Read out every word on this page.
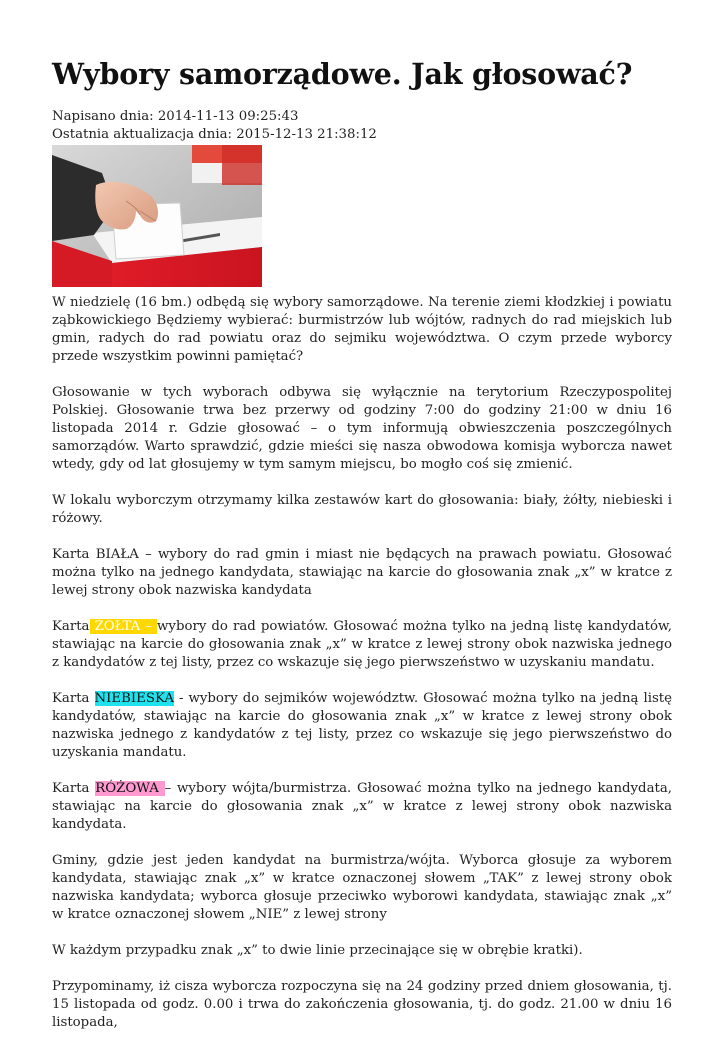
Wybory samorządowe. Jak głosować?
Napisano dnia: 2014-11-13 09:25:43
Ostatnia aktualizacja dnia: 2015-12-13 21:38:12

W niedzielę (16 bm.) odbędą się wybory samorządowe. Na terenie ziemi kłodzkiej i powiatu ząbkowickiego Będziemy wybierać: burmistrzów lub wójtów, radnych do rad miejskich lub gmin, radych do rad powiatu oraz do sejmiku województwa. O czym przede wyborcy przede wszystkim powinni pamiętać?

Głosowanie w tych wyborach odbywa się wyłącznie na terytorium Rzeczypospolitej Polskiej. Głosowanie trwa bez przerwy od godziny 7:00 do godziny 21:00 w dniu 16 listopada 2014 r. Gdzie głosować – o tym informują obwieszczenia poszczególnych samorządów. Warto sprawdzić, gdzie mieści się nasza obwodowa komisja wyborcza nawet wtedy, gdy od lat głosujemy w tym samym miejscu, bo mogło coś się zmienić.

W lokalu wyborczym otrzymamy kilka zestawów kart do głosowania: biały, żółty, niebieski i różowy.

Karta BIAŁA – wybory do rad gmin i miast nie będących na prawach powiatu. Głosować można tylko na jednego kandydata, stawiając na karcie do głosowania znak „x” w kratce z lewej strony obok nazwiska kandydata

Karta ŻÓŁTA – wybory do rad powiatów. Głosować można tylko na jedną listę kandydatów, stawiając na karcie do głosowania znak „x” w kratce z lewej strony obok nazwiska jednego z kandydatów z tej listy, przez co wskazuje się jego pierwszeństwo w uzyskaniu mandatu.

Karta NIEBIESKA - wybory do sejmików województw. Głosować można tylko na jedną listę kandydatów, stawiając na karcie do głosowania znak „x” w kratce z lewej strony obok nazwiska jednego z kandydatów z tej listy, przez co wskazuje się jego pierwszeństwo do uzyskania mandatu.

Karta RÓŻOWA – wybory wójta/burmistrza. Głosować można tylko na jednego kandydata, stawiając na karcie do głosowania znak „x” w kratce z lewej strony obok nazwiska kandydata.

Gminy, gdzie jest jeden kandydat na burmistrza/wójta. Wyborca głosuje za wyborem kandydata, stawiając znak „x” w kratce oznaczonej słowem „TAK” z lewej strony obok nazwiska kandydata; wyborca głosuje przeciwko wyborowi kandydata, stawiając znak „x” w kratce oznaczonej słowem „NIE” z lewej strony

W każdym przypadku znak „x” to dwie linie przecinające się w obrębie kratki).

Przypominamy, iż cisza wyborcza rozpoczyna się na 24 godziny przed dniem głosowania, tj. 15 listopada od godz. 0.00 i trwa do zakończenia głosowania, tj. do godz. 21.00 w dniu 16 listopada,
